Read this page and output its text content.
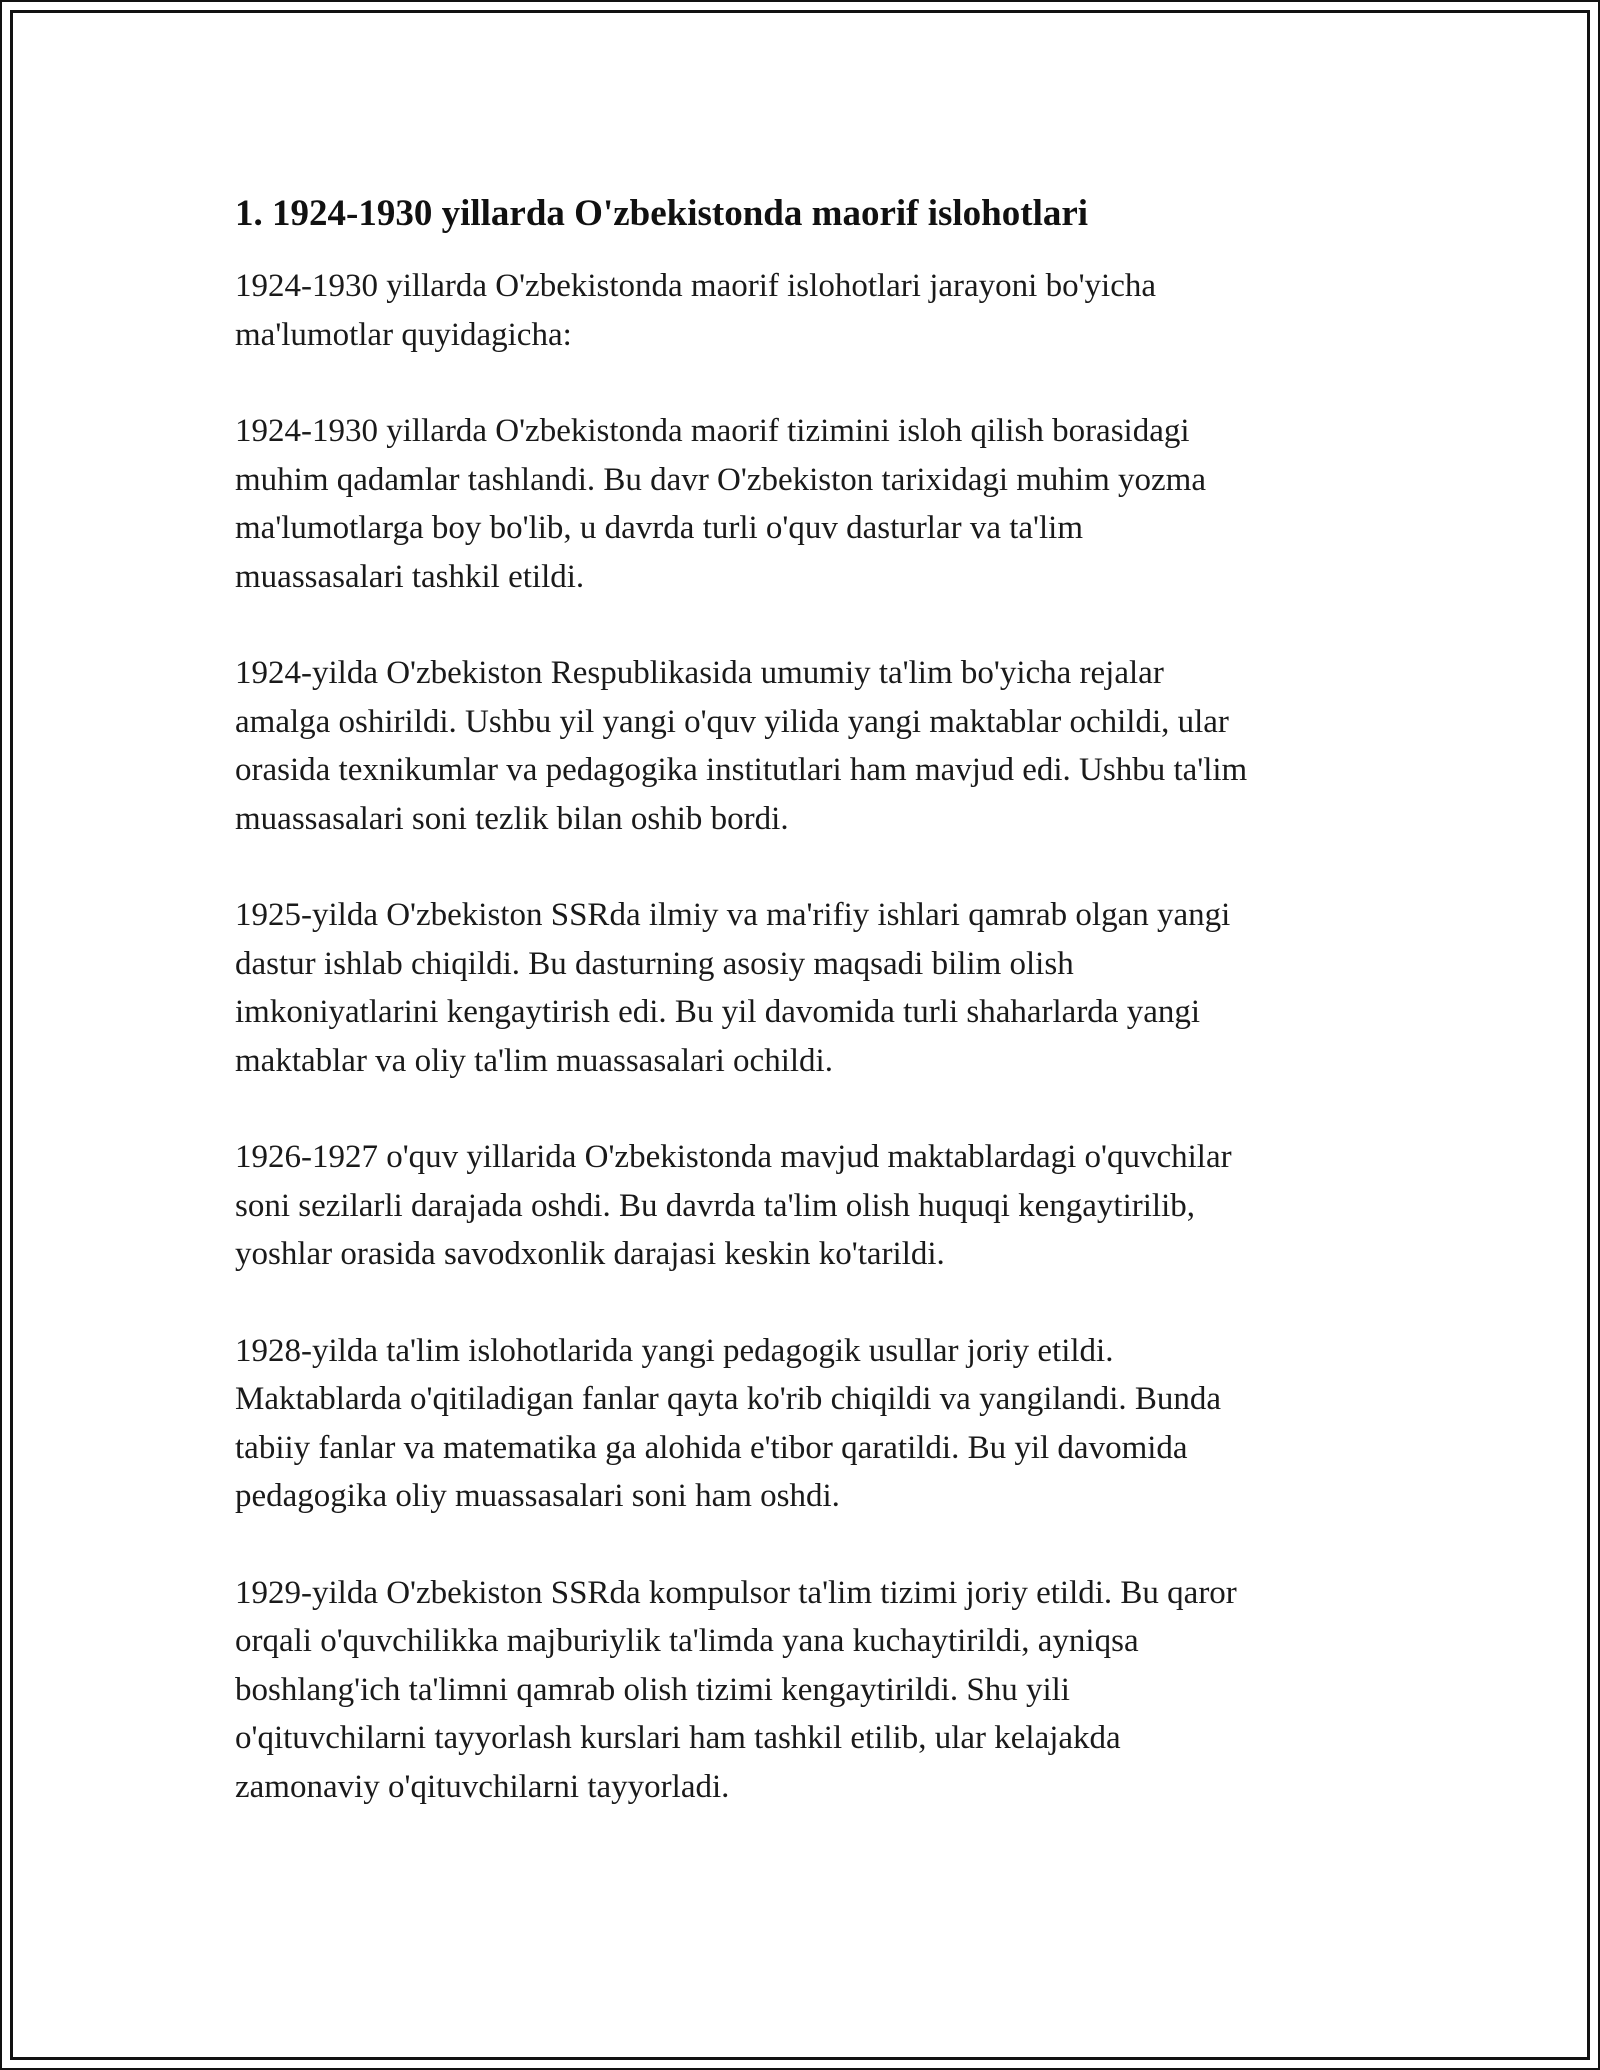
1. 1924-1930 yillarda O'zbekistonda maorif islohotlari

1924-1930 yillarda O'zbekistonda maorif islohotlari jarayoni bo'yicha
ma'lumotlar quyidagicha:

1924-1930 yillarda O'zbekistonda maorif tizimini isloh qilish borasidagi
muhim qadamlar tashlandi. Bu davr O'zbekiston tarixidagi muhim yozma
ma'lumotlarga boy bo'lib, u davrda turli o'quv dasturlar va ta'lim
muassasalari tashkil etildi.

1924-yilda O'zbekiston Respublikasida umumiy ta'lim bo'yicha rejalar
amalga oshirildi. Ushbu yil yangi o'quv yilida yangi maktablar ochildi, ular
orasida texnikumlar va pedagogika institutlari ham mavjud edi. Ushbu ta'lim
muassasalari soni tezlik bilan oshib bordi.

1925-yilda O'zbekiston SSRda ilmiy va ma'rifiy ishlari qamrab olgan yangi
dastur ishlab chiqildi. Bu dasturning asosiy maqsadi bilim olish
imkoniyatlarini kengaytirish edi. Bu yil davomida turli shaharlarda yangi
maktablar va oliy ta'lim muassasalari ochildi.

1926-1927 o'quv yillarida O'zbekistonda mavjud maktablardagi o'quvchilar
soni sezilarli darajada oshdi. Bu davrda ta'lim olish huquqi kengaytirilib,
yoshlar orasida savodxonlik darajasi keskin ko'tarildi.

1928-yilda ta'lim islohotlarida yangi pedagogik usullar joriy etildi.
Maktablarda o'qitiladigan fanlar qayta ko'rib chiqildi va yangilandi. Bunda
tabiiy fanlar va matematika ga alohida e'tibor qaratildi. Bu yil davomida
pedagogika oliy muassasalari soni ham oshdi.

1929-yilda O'zbekiston SSRda kompulsor ta'lim tizimi joriy etildi. Bu qaror
orqali o'quvchilikka majburiylik ta'limda yana kuchaytirildi, ayniqsa
boshlang'ich ta'limni qamrab olish tizimi kengaytirildi. Shu yili
o'qituvchilarni tayyorlash kurslari ham tashkil etilib, ular kelajakda
zamonaviy o'qituvchilarni tayyorladi.
